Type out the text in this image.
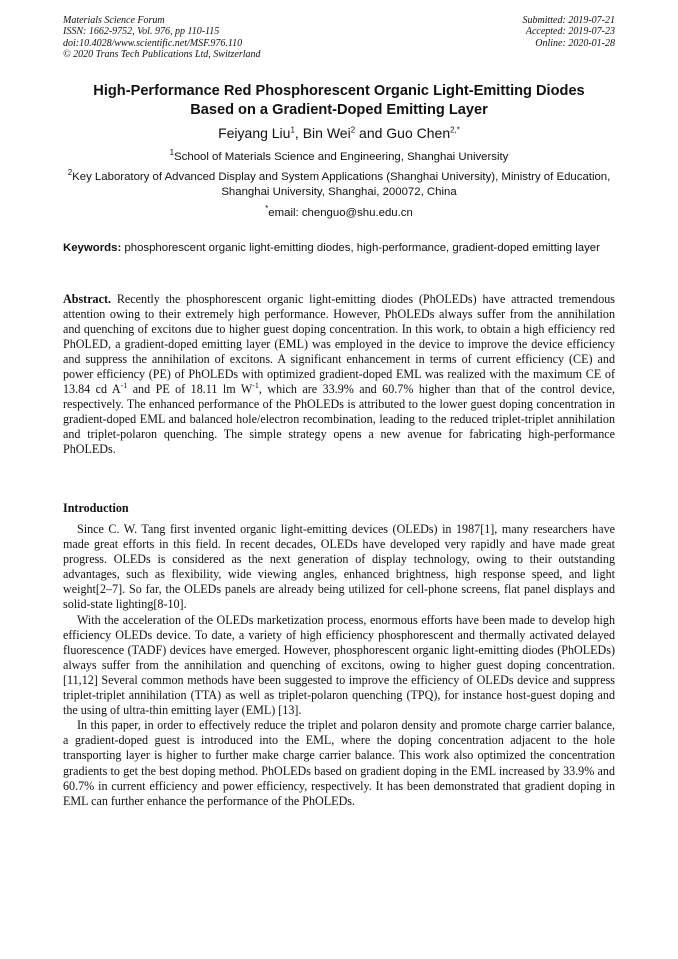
Materials Science Forum
ISSN: 1662-9752, Vol. 976, pp 110-115
doi:10.4028/www.scientific.net/MSF.976.110
© 2020 Trans Tech Publications Ltd, Switzerland
Submitted: 2019-07-21
Accepted: 2019-07-23
Online: 2020-01-28
High-Performance Red Phosphorescent Organic Light-Emitting Diodes
Based on a Gradient-Doped Emitting Layer
Feiyang Liu$^1$, Bin Wei$^2$ and Guo Chen$^{2,*}$
$^1$School of Materials Science and Engineering, Shanghai University
$^2$Key Laboratory of Advanced Display and System Applications (Shanghai University), Ministry of Education, Shanghai University, Shanghai, 200072, China
*email: chenguo@shu.edu.cn
Keywords: phosphorescent organic light-emitting diodes, high-performance, gradient-doped emitting layer
Abstract. Recently the phosphorescent organic light-emitting diodes (PhOLEDs) have attracted tremendous attention owing to their extremely high performance. However, PhOLEDs always suffer from the annihilation and quenching of excitons due to higher guest doping concentration. In this work, to obtain a high efficiency red PhOLED, a gradient-doped emitting layer (EML) was employed in the device to improve the device efficiency and suppress the annihilation of excitons. A significant enhancement in terms of current efficiency (CE) and power efficiency (PE) of PhOLEDs with optimized gradient-doped EML was realized with the maximum CE of 13.84 cd $A^{-1}$ and PE of 18.11 lm $W^{-1}$, which are 33.9% and 60.7% higher than that of the control device, respectively. The enhanced performance of the PhOLEDs is attributed to the lower guest doping concentration in gradient-doped EML and balanced hole/electron recombination, leading to the reduced triplet-triplet annihilation and triplet-polaron quenching. The simple strategy opens a new avenue for fabricating high-performance PhOLEDs.
Introduction

Since C. W. Tang first invented organic light-emitting devices (OLEDs) in 1987[1], many researchers have made great efforts in this field. In recent decades, OLEDs have developed very rapidly and have made great progress. OLEDs is considered as the next generation of display technology, owing to their outstanding advantages, such as flexibility, wide viewing angles, enhanced brightness, high response speed, and light weight[2–7]. So far, the OLEDs panels are already being utilized for cell-phone screens, flat panel displays and solid-state lighting[8-10].

With the acceleration of the OLEDs marketization process, enormous efforts have been made to develop high efficiency OLEDs device. To date, a variety of high efficiency phosphorescent and thermally activated delayed fluorescence (TADF) devices have emerged. However, phosphorescent organic light-emitting diodes (PhOLEDs) always suffer from the annihilation and quenching of excitons, owing to higher guest doping concentration.[11,12] Several common methods have been suggested to improve the efficiency of OLEDs device and suppress triplet-triplet annihilation (TTA) as well as triplet-polaron quenching (TPQ), for instance host-guest doping and the using of ultra-thin emitting layer (EML) [13].

In this paper, in order to effectively reduce the triplet and polaron density and promote charge carrier balance, a gradient-doped guest is introduced into the EML, where the doping concentration adjacent to the hole transporting layer is higher to further make charge carrier balance. This work also optimized the concentration gradients to get the best doping method. PhOLEDs based on gradient doping in the EML increased by 33.9% and 60.7% in current efficiency and power efficiency, respectively. It has been demonstrated that gradient doping in EML can further enhance the performance of the PhOLEDs.
